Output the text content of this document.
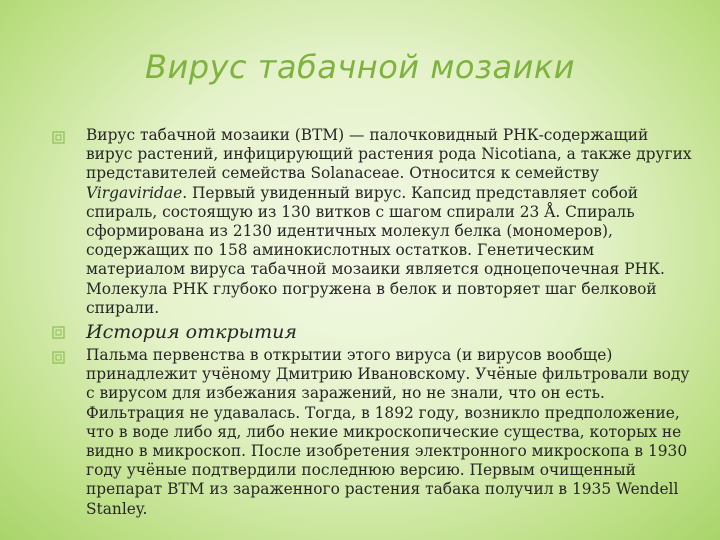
Вирус табачной мозаики
Вирус табачной мозаики (ВТМ) — палочковидный РНК-содержащий вирус растений, инфицирующий растения рода Nicotiana, а также других представителей семейства Solanaceae. Относится к семейству Virgaviridae. Первый увиденный вирус. Капсид представляет собой спираль, состоящую из 130 витков с шагом спирали 23 Å. Спираль сформирована из 2130 идентичных молекул белка (мономеров), содержащих по 158 аминокислотных остатков. Генетическим материалом вируса табачной мозаики является одноцепочечная РНК. Молекула РНК глубоко погружена в белок и повторяет шаг белковой спирали.
История открытия
Пальма первенства в открытии этого вируса (и вирусов вообще) принадлежит учёному Дмитрию Ивановскому. Учёные фильтровали воду с вирусом для избежания заражений, но не знали, что он есть. Фильтрация не удавалась. Тогда, в 1892 году, возникло предположение, что в воде либо яд, либо некие микроскопические существа, которых не видно в микроскоп. После изобретения электронного микроскопа в 1930 году учёные подтвердили последнюю версию. Первым очищенный препарат ВТМ из зараженного растения табака получил в 1935 Wendell Stanley.
